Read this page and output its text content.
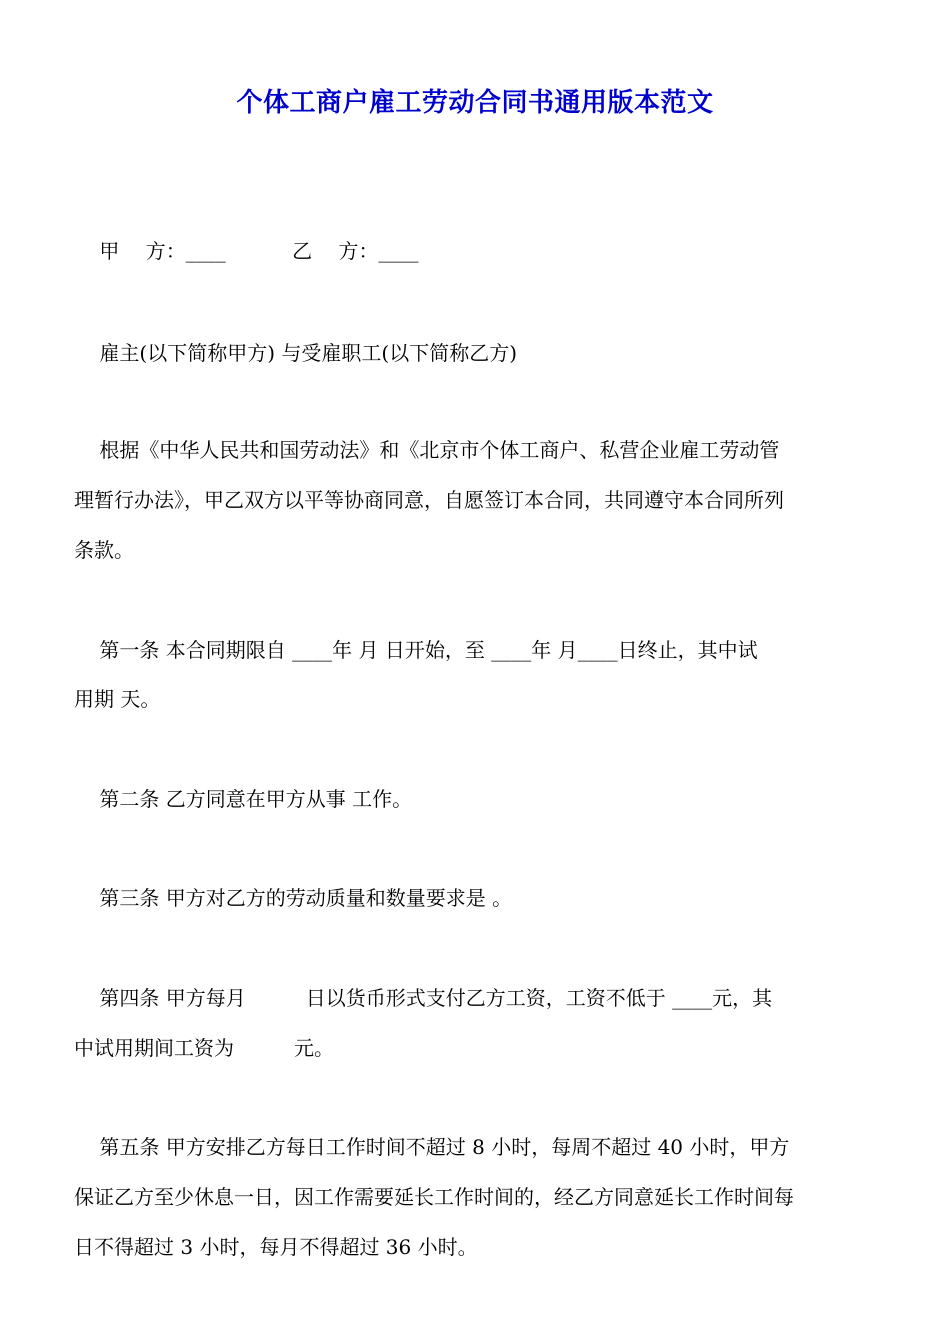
个体工商户雇工劳动合同书通用版本范文
甲　 方：____　　　 乙　 方：____
雇主(以下简称甲方) 与受雇职工(以下简称乙方)
根据《中华人民共和国劳动法》和《北京市个体工商户、私营企业雇工劳动管
理暂行办法》，甲乙双方以平等协商同意，自愿签订本合同，共同遵守本合同所列
条款。
第一条 本合同期限自 ____年 月 日开始，至 ____年 月____日终止，其中试
用期 天。
第二条 乙方同意在甲方从事 工作。
第三条 甲方对乙方的劳动质量和数量要求是 。
第四条 甲方每月　　　日以货币形式支付乙方工资，工资不低于 ____元，其
中试用期间工资为　　　元。
第五条 甲方安排乙方每日工作时间不超过 8 小时，每周不超过 40 小时，甲方
保证乙方至少休息一日，因工作需要延长工作时间的，经乙方同意延长工作时间每
日不得超过 3 小时，每月不得超过 36 小时。
